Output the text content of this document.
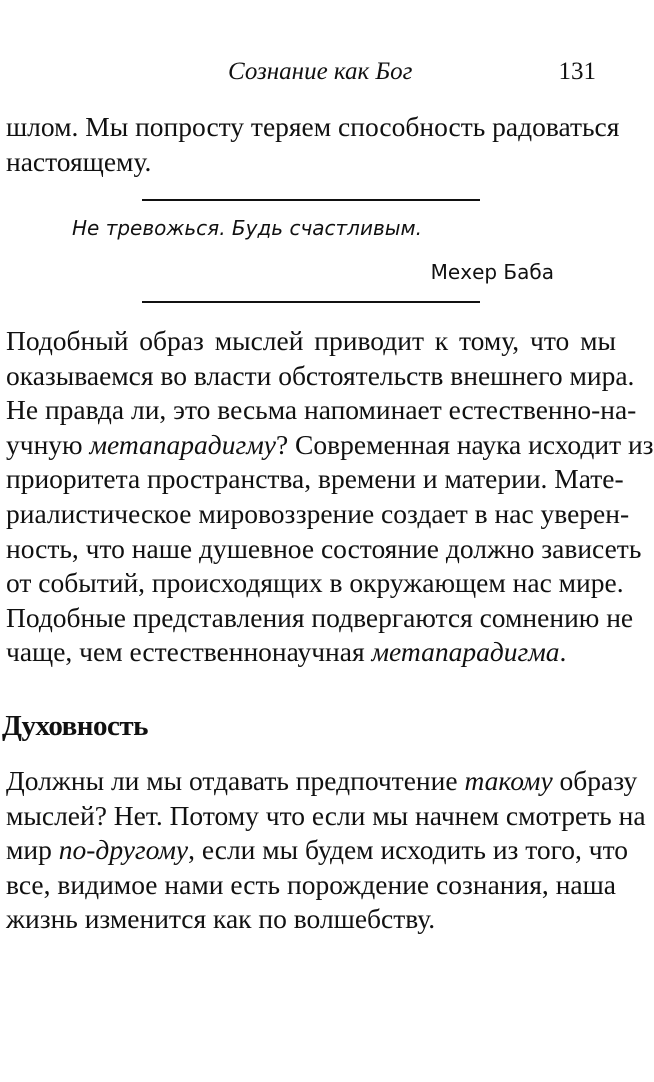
Сознание как Бог	131
шлом. Мы попросту теряем способность радоваться
настоящему.
Не тревожься. Будь счастливым.
Мехер Баба
Подобный образ мыслей приводит к тому, что мы
оказываемся во власти обстоятельств внешнего мира.
Не правда ли, это весьма напоминает естественно-на-
учную метапарадигму? Современная наука исходит из
приоритета пространства, времени и материи. Мате-
риалистическое мировоззрение создает в нас уверен-
ность, что наше душевное состояние должно зависеть
от событий, происходящих в окружающем нас мире.
Подобные представления подвергаются сомнению не
чаще, чем естественнонаучная метапарадигма.
Духовность
Должны ли мы отдавать предпочтение такому образу
мыслей? Нет. Потому что если мы начнем смотреть на
мир по-другому, если мы будем исходить из того, что
все, видимое нами есть порождение сознания, наша
жизнь изменится как по волшебству.
